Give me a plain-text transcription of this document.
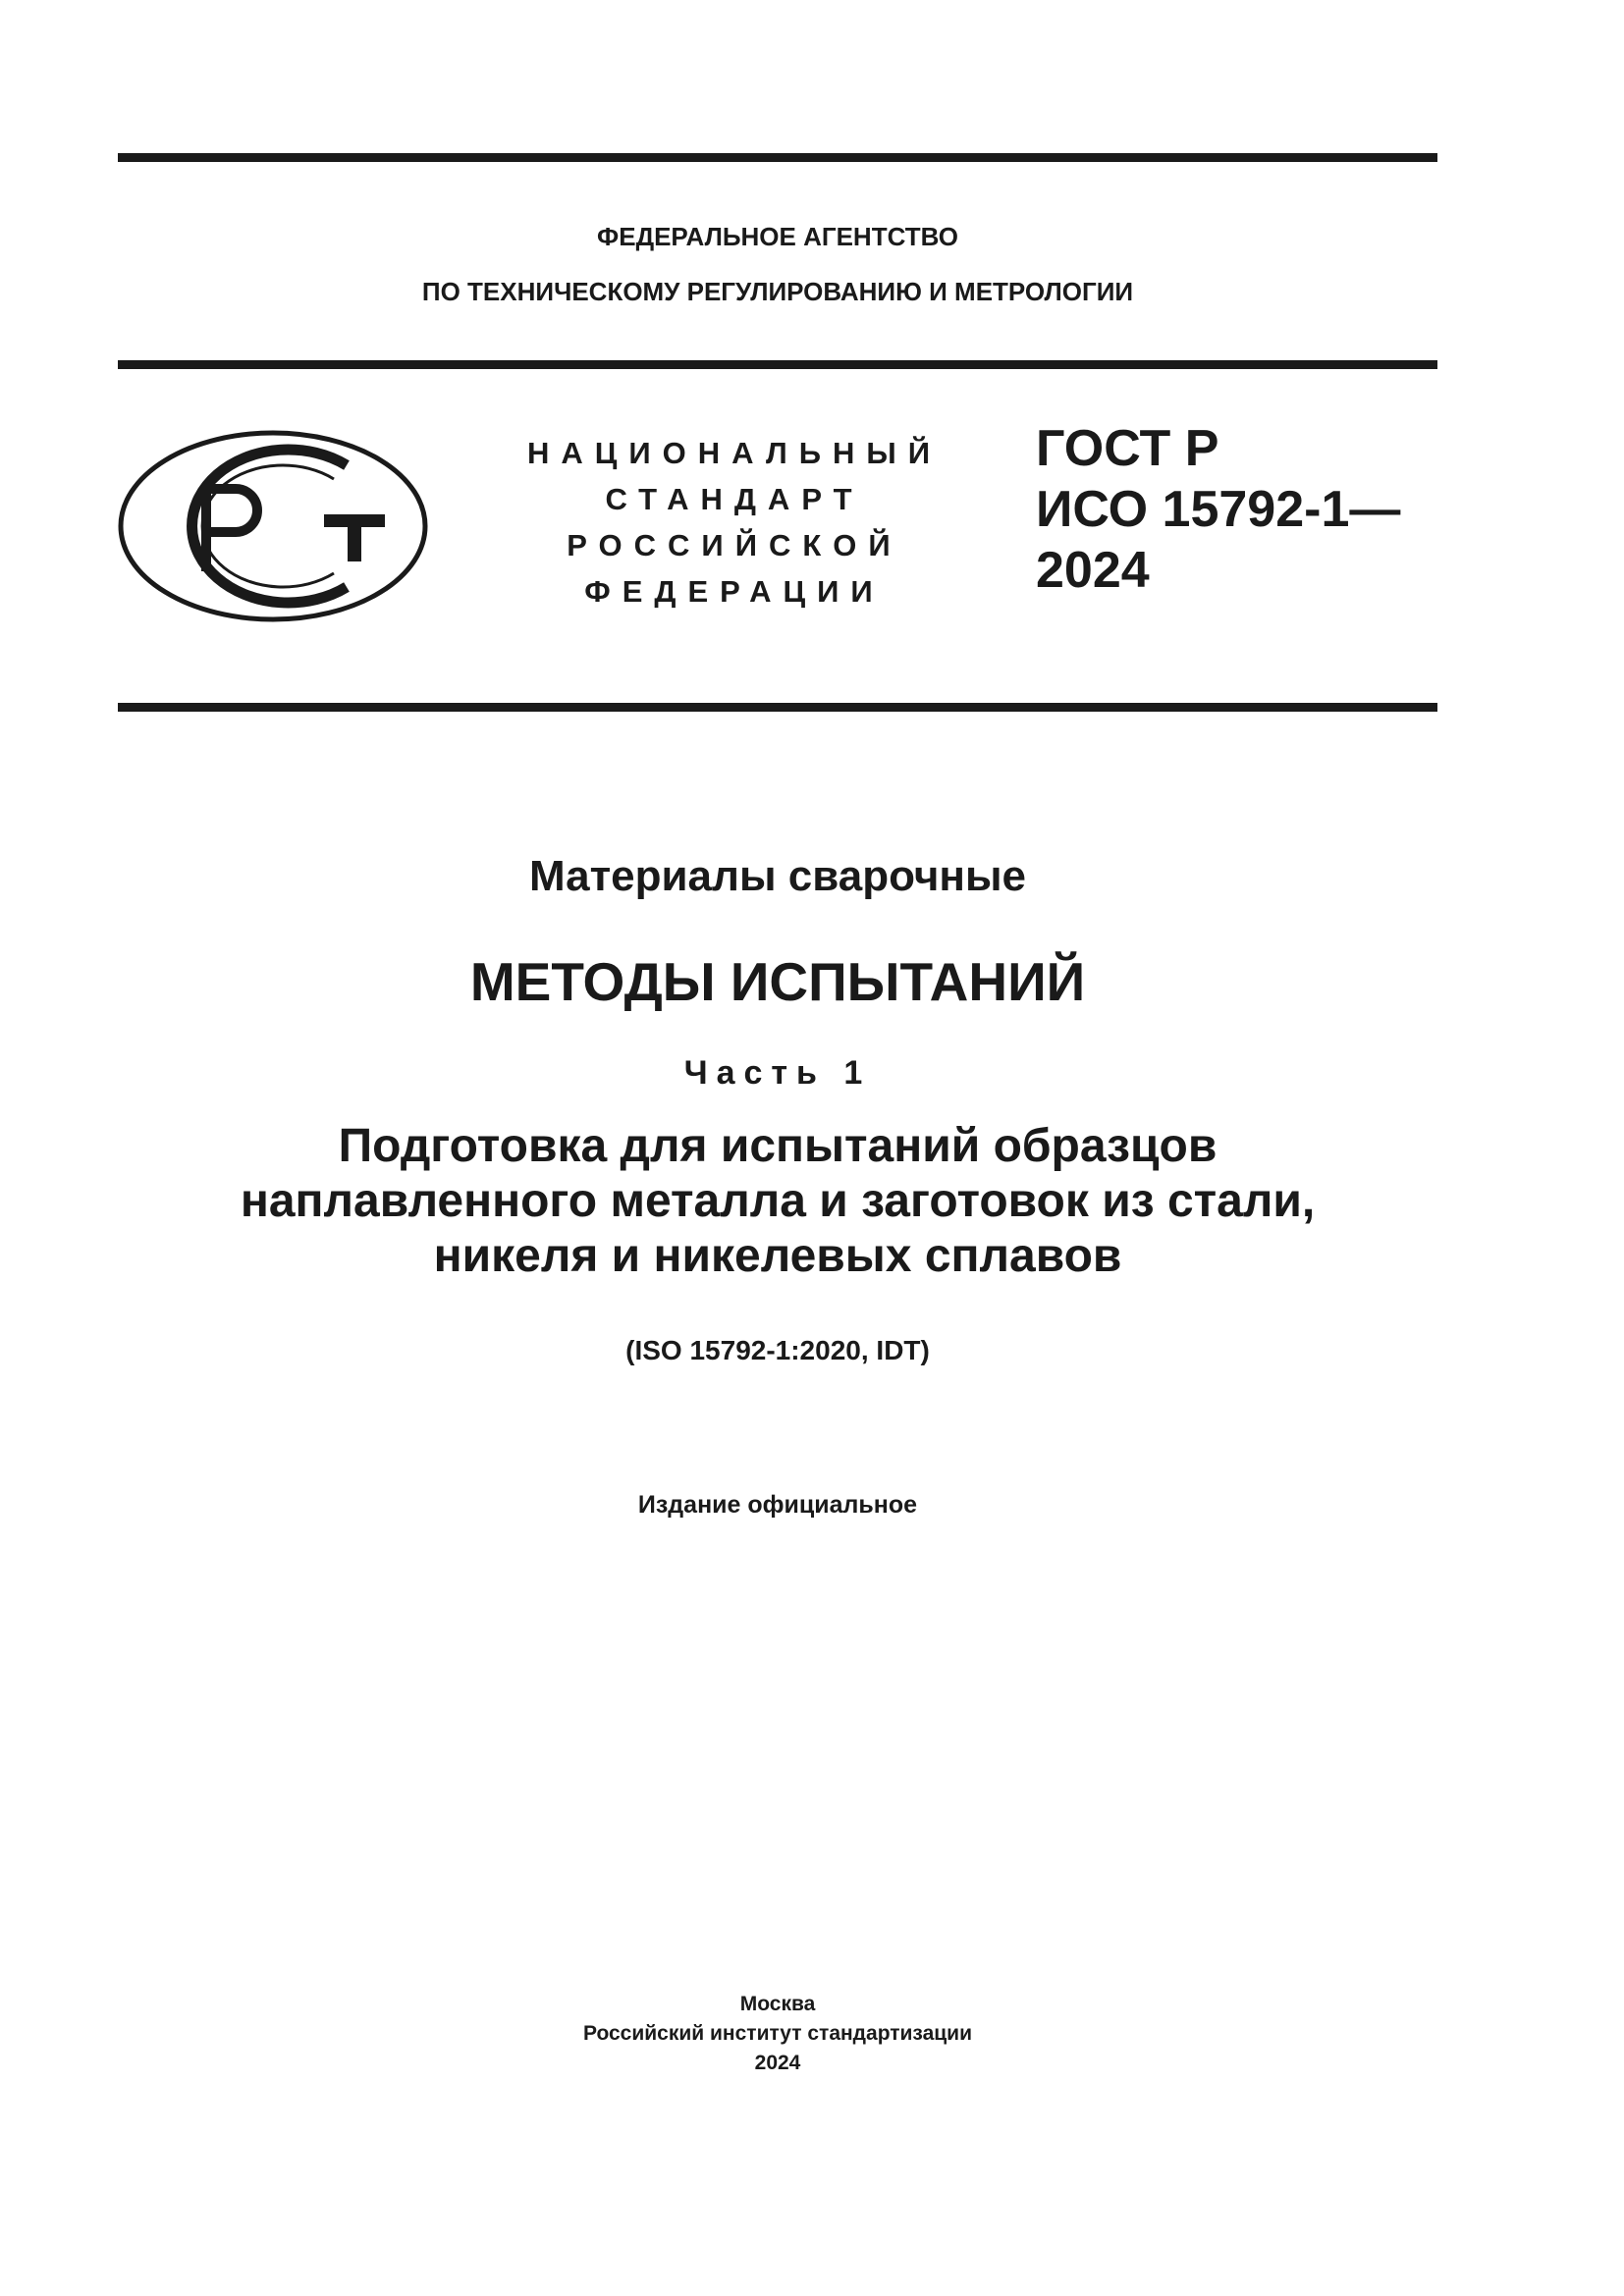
ФЕДЕРАЛЬНОЕ АГЕНТСТВО
ПО ТЕХНИЧЕСКОМУ РЕГУЛИРОВАНИЮ И МЕТРОЛОГИИ
НАЦИОНАЛЬНЫЙ
СТАНДАРТ
РОССИЙСКОЙ
ФЕДЕРАЦИИ
ГОСТ Р
ИСО 15792-1—
2024
Материалы сварочные
МЕТОДЫ ИСПЫТАНИЙ
Часть 1
Подготовка для испытаний образцов
наплавленного металла и заготовок из стали,
никеля и никелевых сплавов
(ISO 15792-1:2020, IDT)
Издание официальное
Москва
Российский институт стандартизации
2024
